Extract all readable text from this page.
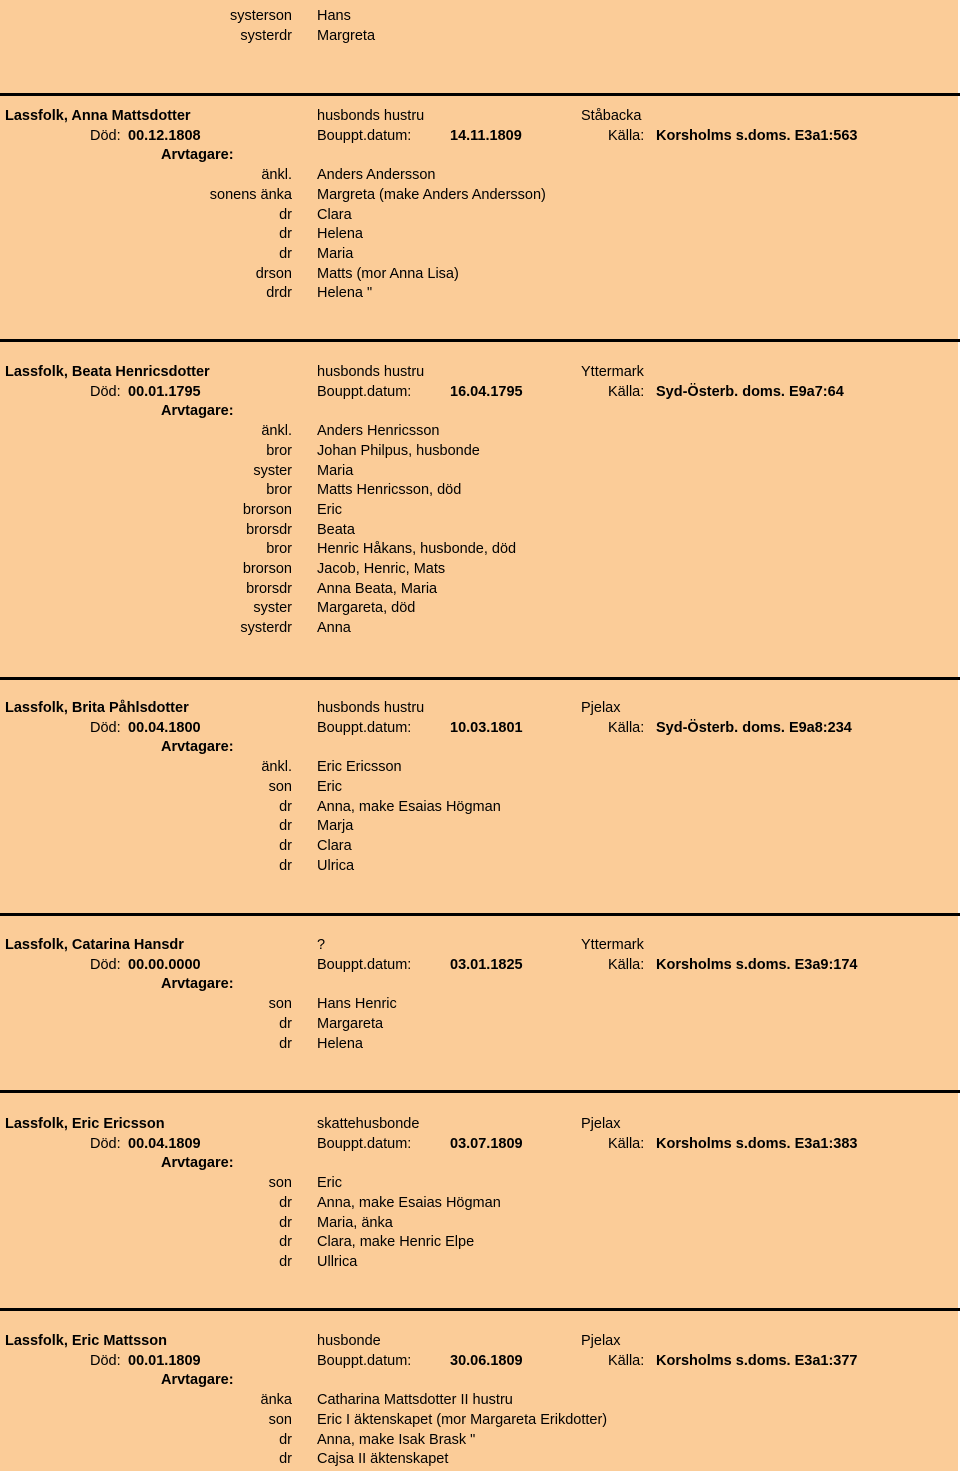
systerson Hans
systerdr Margreta
Lassfolk, Anna Mattsdotter	husbonds hustru	Ståbacka
Död: 00.12.1808	Bouppt.datum:	14.11.1809	Källa: Korsholms s.doms. E3a1:563
Arvtagare:
änkl. Anders Andersson
sonens änka Margreta (make Anders Andersson)
dr Clara
dr Helena
dr Maria
drson Matts (mor Anna Lisa)
drdr Helena "
Lassfolk, Beata Henricsdotter	husbonds hustru	Yttermark
Död: 00.01.1795	Bouppt.datum:	16.04.1795	Källa: Syd-Österb. doms. E9a7:64
Arvtagare:
änkl. Anders Henricsson
bror Johan Philpus, husbonde
syster Maria
bror Matts Henricsson, död
brorson Eric
brorsdr Beata
bror Henric Håkans, husbonde, död
brorson Jacob, Henric, Mats
brorsdr Anna Beata, Maria
syster Margareta, död
systerdr Anna
Lassfolk, Brita Påhlsdotter	husbonds hustru	Pjelax
Död: 00.04.1800	Bouppt.datum:	10.03.1801	Källa: Syd-Österb. doms. E9a8:234
Arvtagare:
änkl. Eric Ericsson
son Eric
dr Anna, make Esaias Högman
dr Marja
dr Clara
dr Ulrica
Lassfolk, Catarina Hansdr	?	Yttermark
Död: 00.00.0000	Bouppt.datum:	03.01.1825	Källa: Korsholms s.doms. E3a9:174
Arvtagare:
son Hans Henric
dr Margareta
dr Helena
Lassfolk, Eric Ericsson	skattehusbonde	Pjelax
Död: 00.04.1809	Bouppt.datum:	03.07.1809	Källa: Korsholms s.doms. E3a1:383
Arvtagare:
son Eric
dr Anna, make Esaias Högman
dr Maria, änka
dr Clara, make Henric Elpe
dr Ullrica
Lassfolk, Eric Mattsson	husbonde	Pjelax
Död: 00.01.1809	Bouppt.datum:	30.06.1809	Källa: Korsholms s.doms. E3a1:377
Arvtagare:
änka Catharina Mattsdotter II hustru
son Eric I äktenskapet (mor Margareta Erikdotter)
dr Anna, make Isak Brask "
dr Cajsa II äktenskapet
